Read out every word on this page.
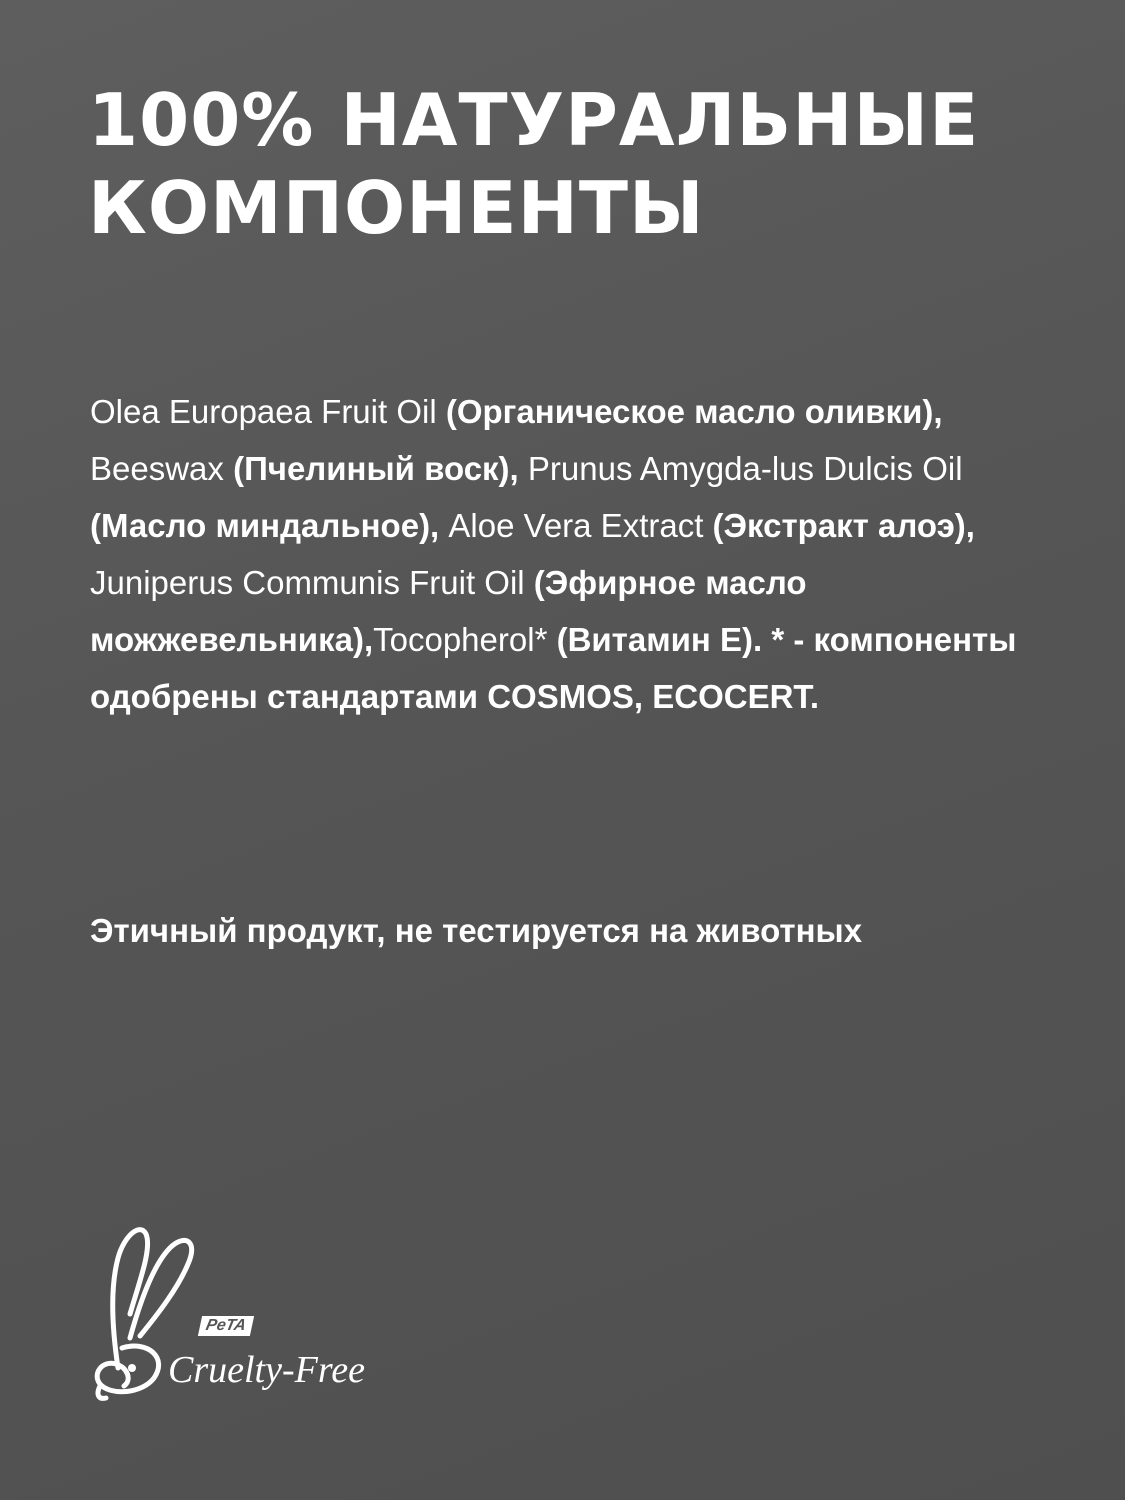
100% НАТУРАЛЬНЫЕ
КОМПОНЕНТЫ

Olea Europaea Fruit Oil (Органическое масло оливки), Beeswax (Пчелиный воск), Prunus Amygda-lus Dulcis Oil (Масло миндальное), Aloe Vera Extract (Экстракт алоэ), Juniperus Communis Fruit Oil (Эфирное масло можжевельника),Tocopherol* (Витамин Е). * - компоненты одобрены стандартами COSMOS, ECOCERT.

Этичный продукт, не тестируется на животных

PeTA
Cruelty-Free
